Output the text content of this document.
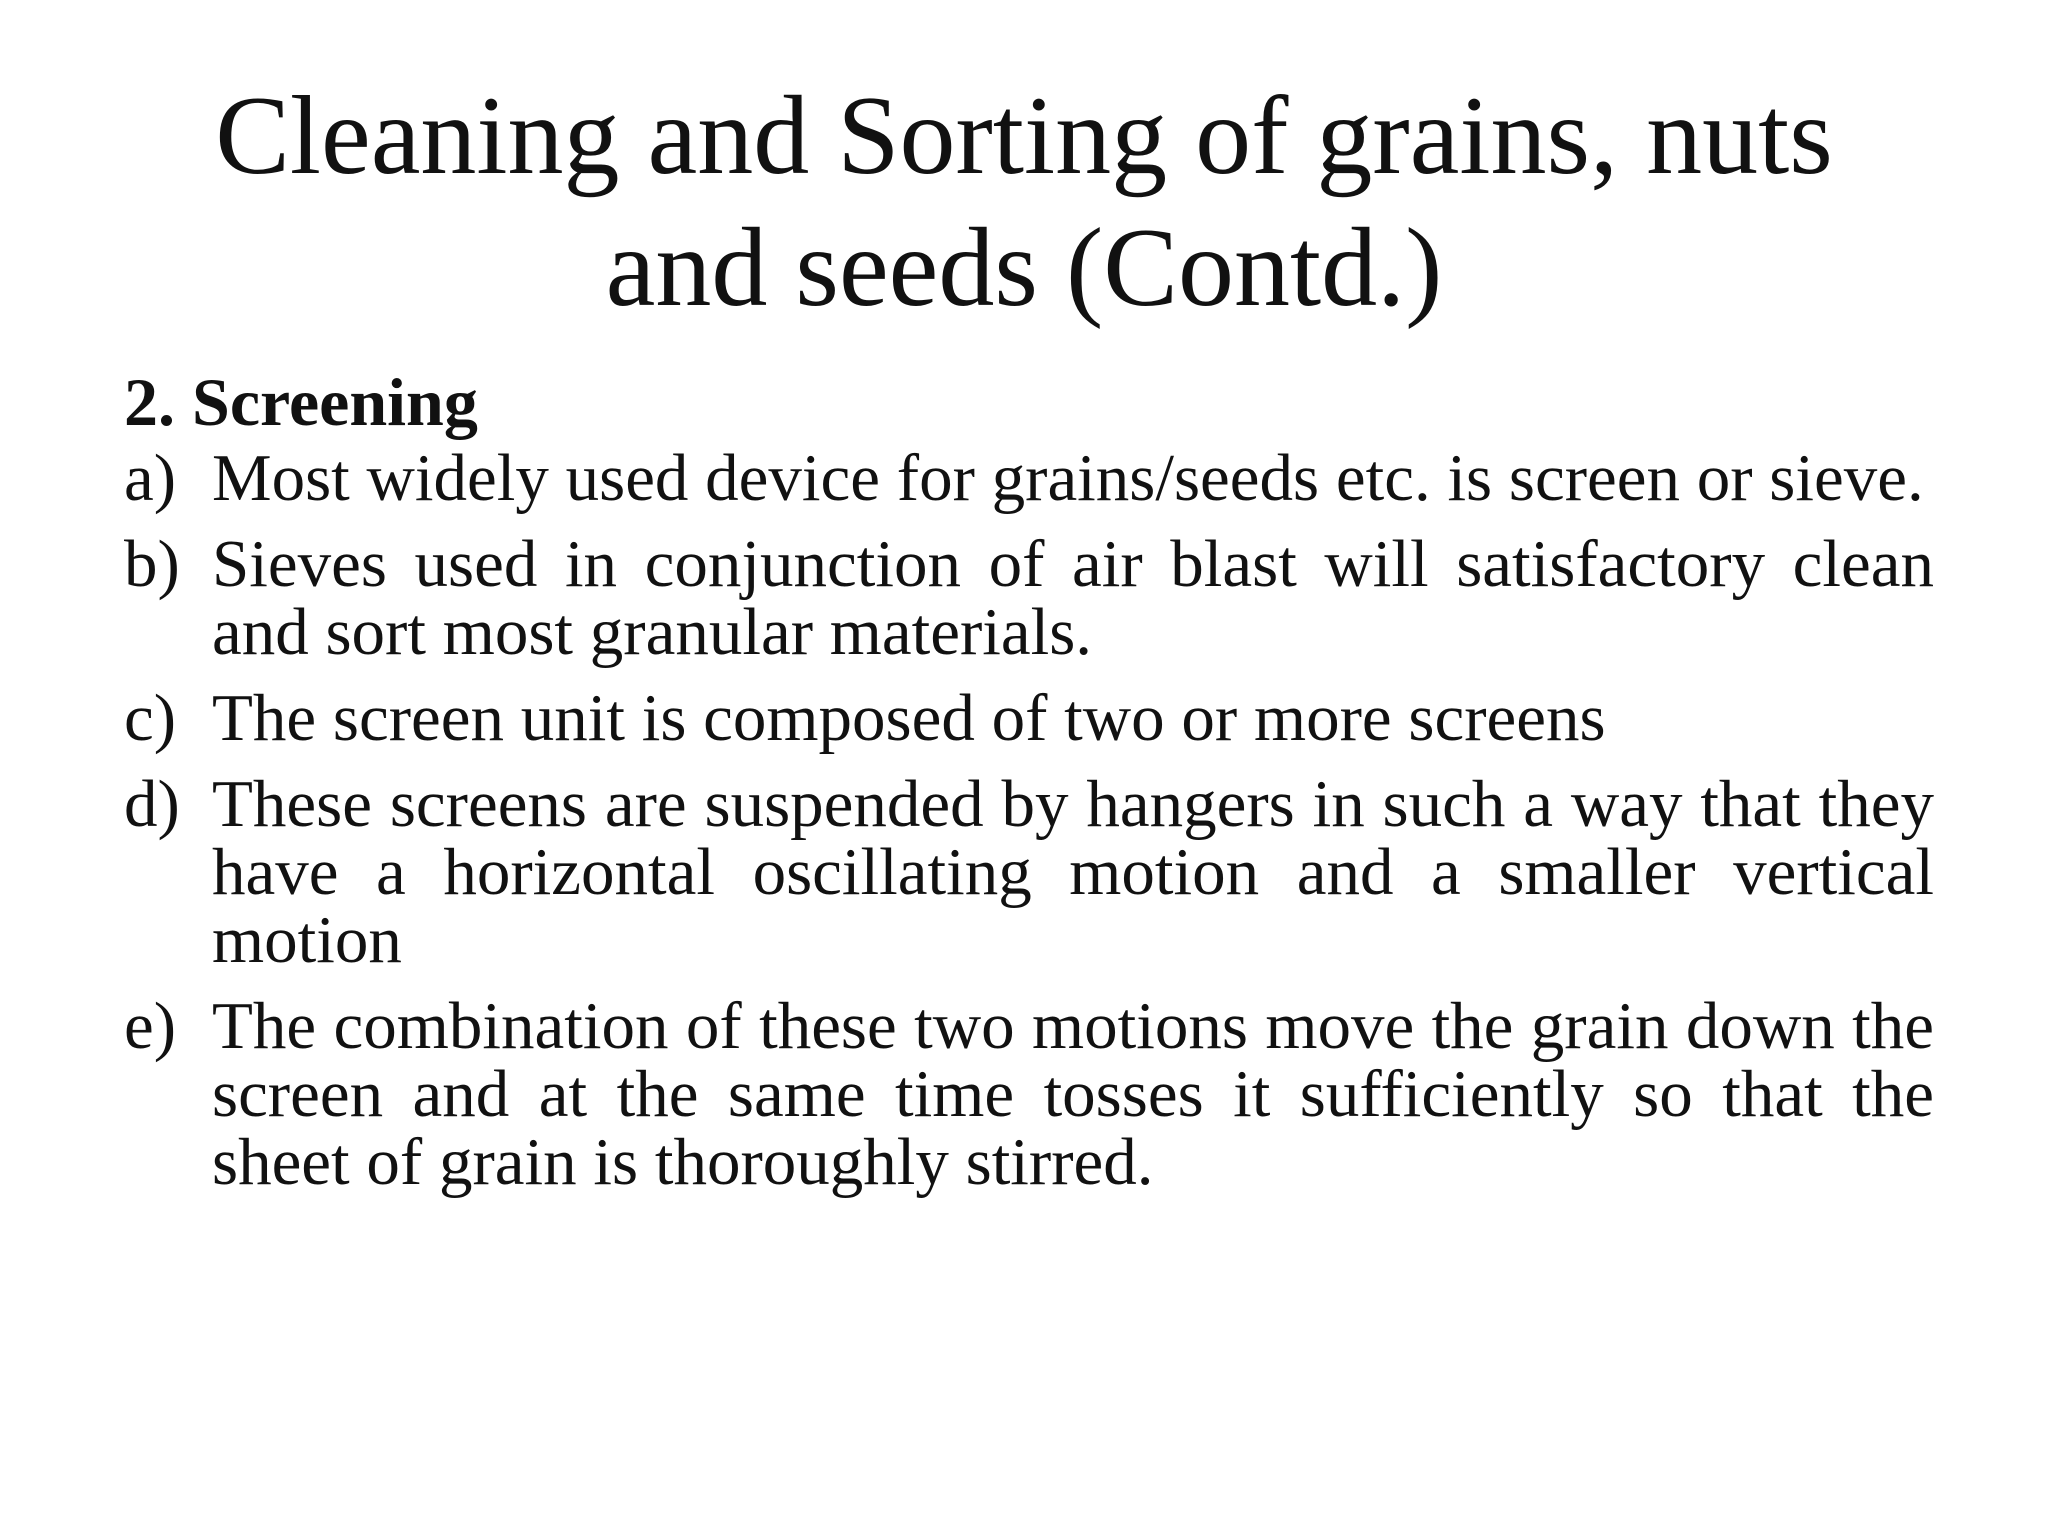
Cleaning and Sorting of grains, nuts
and seeds (Contd.)
2. Screening
a) Most widely used device for grains/seeds etc. is screen or sieve.
b) Sieves used in conjunction of air blast will satisfactory clean and sort most granular materials.
c) The screen unit is composed of two or more screens
d) These screens are suspended by hangers in such a way that they have a horizontal oscillating motion and a smaller vertical motion
e) The combination of these two motions move the grain down the screen and at the same time tosses it sufficiently so that the sheet of grain is thoroughly stirred.
